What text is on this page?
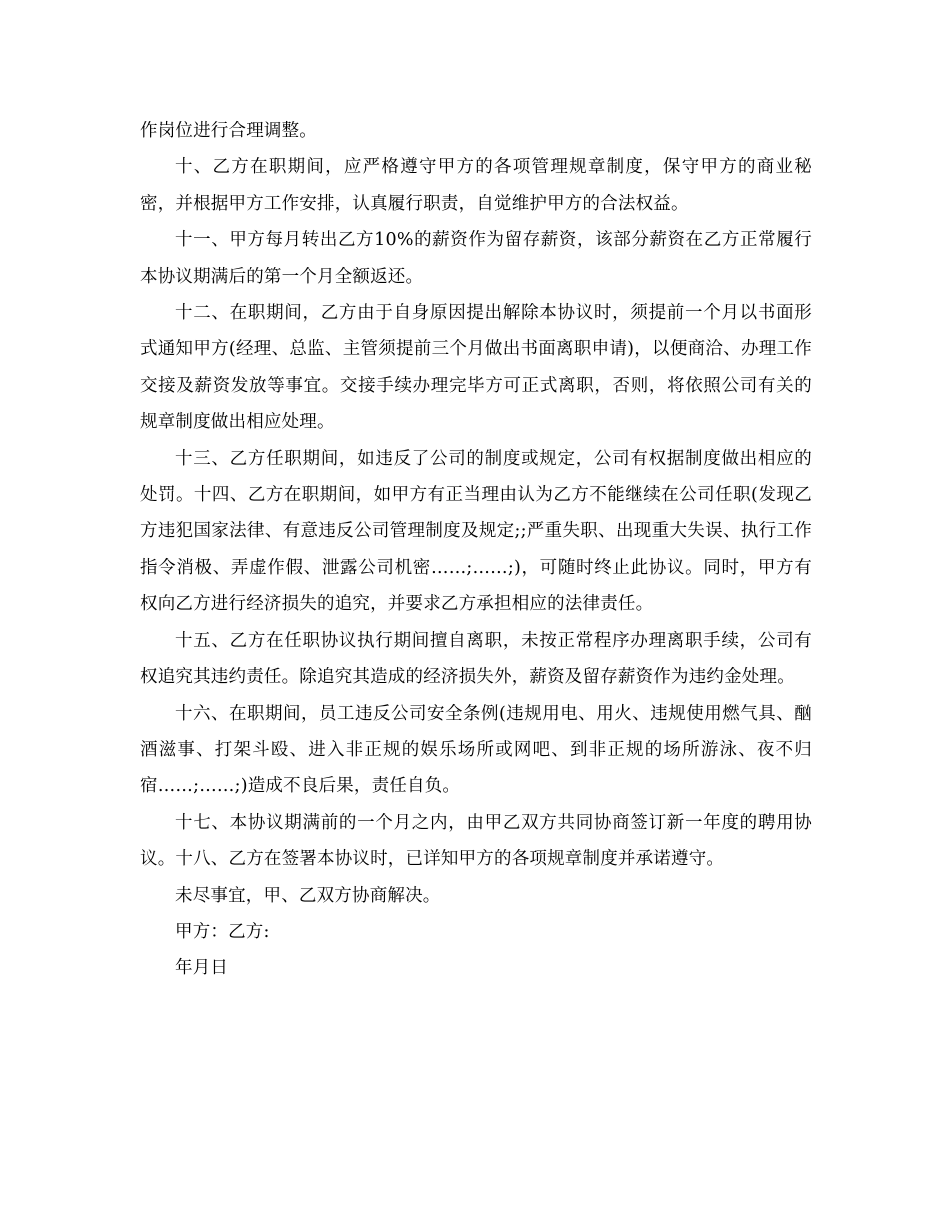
作岗位进行合理调整。

十、乙方在职期间，应严格遵守甲方的各项管理规章制度，保守甲方的商业秘密，并根据甲方工作安排，认真履行职责，自觉维护甲方的合法权益。

十一、甲方每月转出乙方10%的薪资作为留存薪资，该部分薪资在乙方正常履行本协议期满后的第一个月全额返还。

十二、在职期间，乙方由于自身原因提出解除本协议时，须提前一个月以书面形式通知甲方(经理、总监、主管须提前三个月做出书面离职申请)，以便商洽、办理工作交接及薪资发放等事宜。交接手续办理完毕方可正式离职，否则，将依照公司有关的规章制度做出相应处理。

十三、乙方任职期间，如违反了公司的制度或规定，公司有权据制度做出相应的处罚。十四、乙方在职期间，如甲方有正当理由认为乙方不能继续在公司任职(发现乙方违犯国家法律、有意违反公司管理制度及规定;;严重失职、出现重大失误、执行工作指令消极、弄虚作假、泄露公司机密……;……;)，可随时终止此协议。同时，甲方有权向乙方进行经济损失的追究，并要求乙方承担相应的法律责任。

十五、乙方在任职协议执行期间擅自离职，未按正常程序办理离职手续，公司有权追究其违约责任。除追究其造成的经济损失外，薪资及留存薪资作为违约金处理。

十六、在职期间，员工违反公司安全条例(违规用电、用火、违规使用燃气具、酗酒滋事、打架斗殴、进入非正规的娱乐场所或网吧、到非正规的场所游泳、夜不归宿……;……;)造成不良后果，责任自负。

十七、本协议期满前的一个月之内，由甲乙双方共同协商签订新一年度的聘用协议。十八、乙方在签署本协议时，已详知甲方的各项规章制度并承诺遵守。

未尽事宜，甲、乙双方协商解决。

甲方：乙方:

年月日
